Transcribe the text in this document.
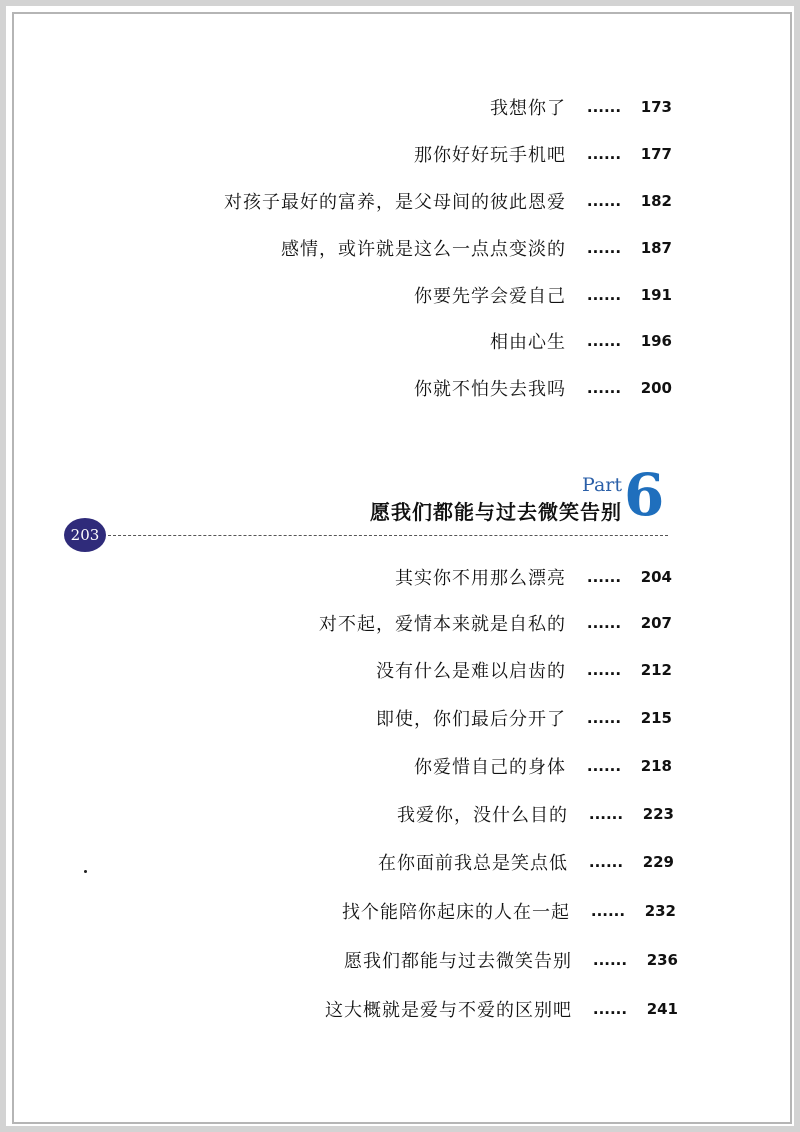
我想你了	......	173
那你好好玩手机吧	......	177
对孩子最好的富养，是父母间的彼此恩爱	......	182
感情，或许就是这么一点点变淡的	......	187
你要先学会爱自己	......	191
相由心生	......	196
你就不怕失去我吗	......	200
Part 6
愿我们都能与过去微笑告别
203
其实你不用那么漂亮	......	204
对不起，爱情本来就是自私的	......	207
没有什么是难以启齿的	......	212
即使，你们最后分开了	......	215
你爱惜自己的身体	......	218
我爱你，没什么目的	......	223
在你面前我总是笑点低	......	229
找个能陪你起床的人在一起	......	232
愿我们都能与过去微笑告别	......	236
这大概就是爱与不爱的区别吧	......	241
